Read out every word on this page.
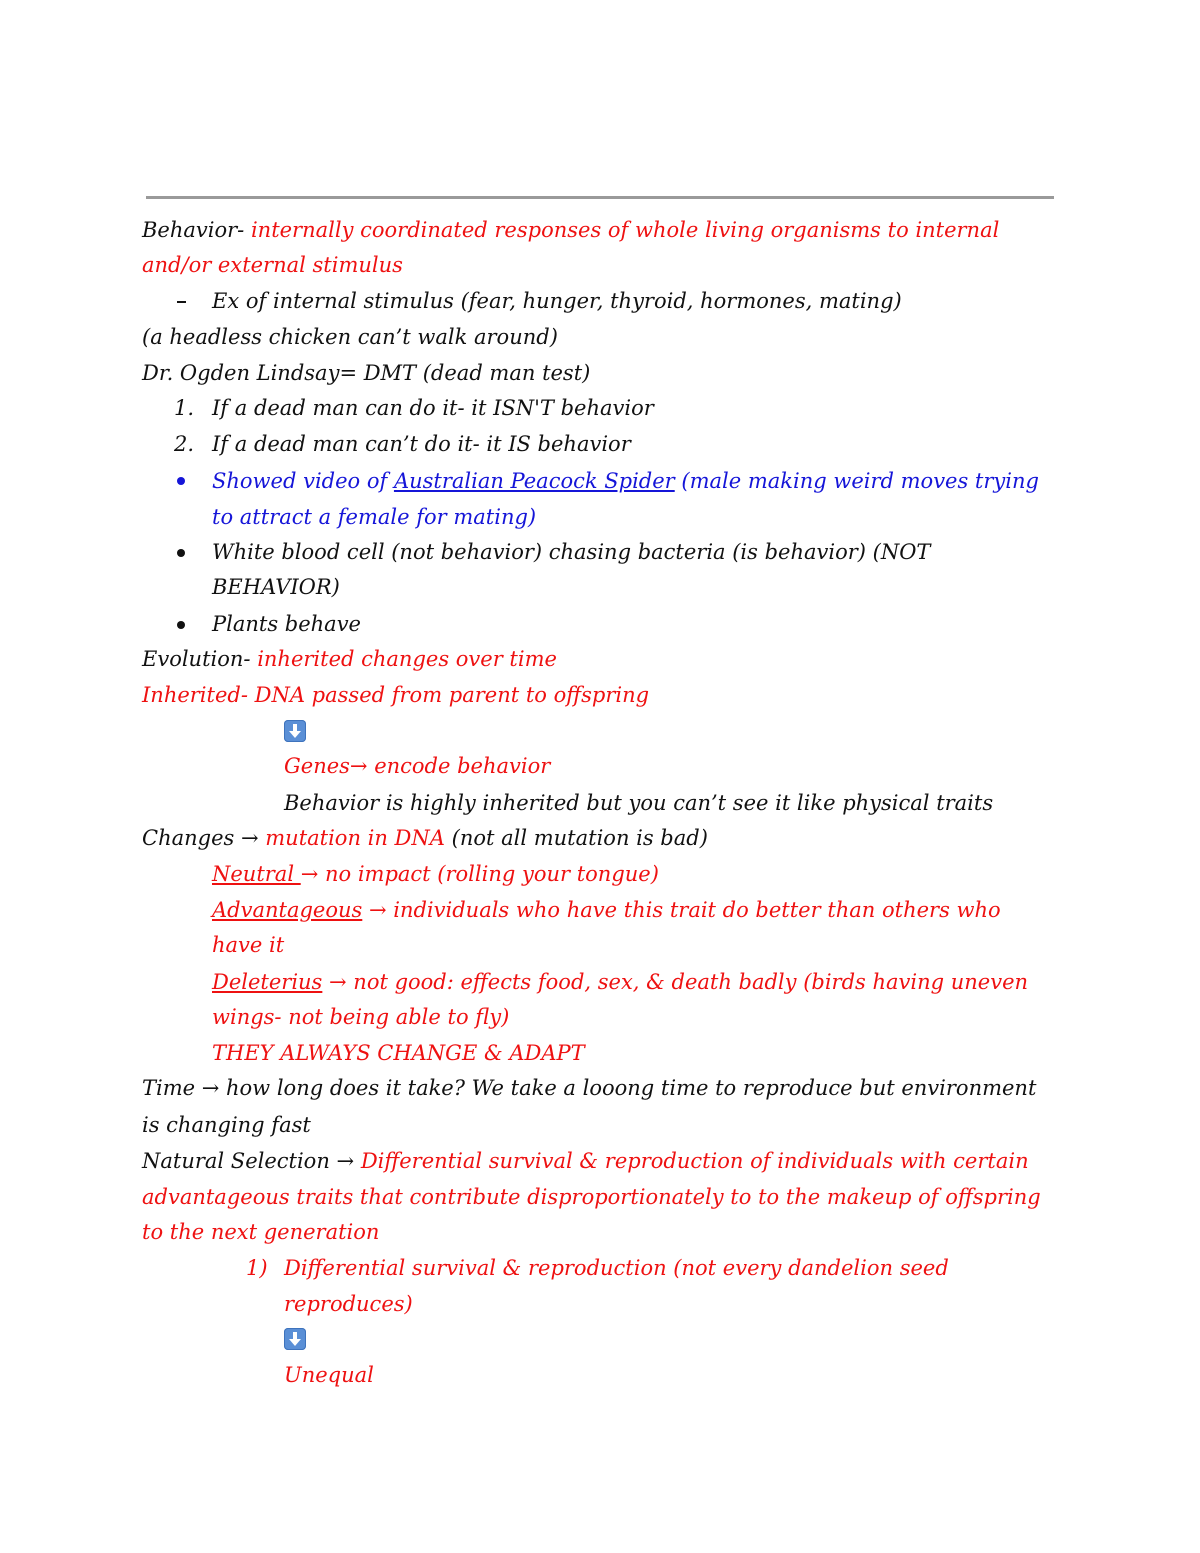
Behavior- internally coordinated responses of whole living organisms to internal
and/or external stimulus
Ex of internal stimulus (fear, hunger, thyroid, hormones, mating)
(a headless chicken can’t walk around)
Dr. Ogden Lindsay= DMT (dead man test)
1. If a dead man can do it- it ISN'T behavior
2. If a dead man can’t do it- it IS behavior
Showed video of Australian Peacock Spider (male making weird moves trying
to attract a female for mating)
White blood cell (not behavior) chasing bacteria (is behavior) (NOT
BEHAVIOR)
Plants behave
Evolution- inherited changes over time
Inherited- DNA passed from parent to offspring
Genes→ encode behavior
Behavior is highly inherited but you can’t see it like physical traits
Changes → mutation in DNA (not all mutation is bad)
Neutral → no impact (rolling your tongue)
Advantageous → individuals who have this trait do better than others who
have it
Deleterius → not good: effects food, sex, & death badly (birds having uneven
wings- not being able to fly)
THEY ALWAYS CHANGE & ADAPT
Time → how long does it take? We take a looong time to reproduce but environment
is changing fast
Natural Selection → Differential survival & reproduction of individuals with certain
advantageous traits that contribute disproportionately to to the makeup of offspring
to the next generation
1) Differential survival & reproduction (not every dandelion seed
reproduces)
Unequal
